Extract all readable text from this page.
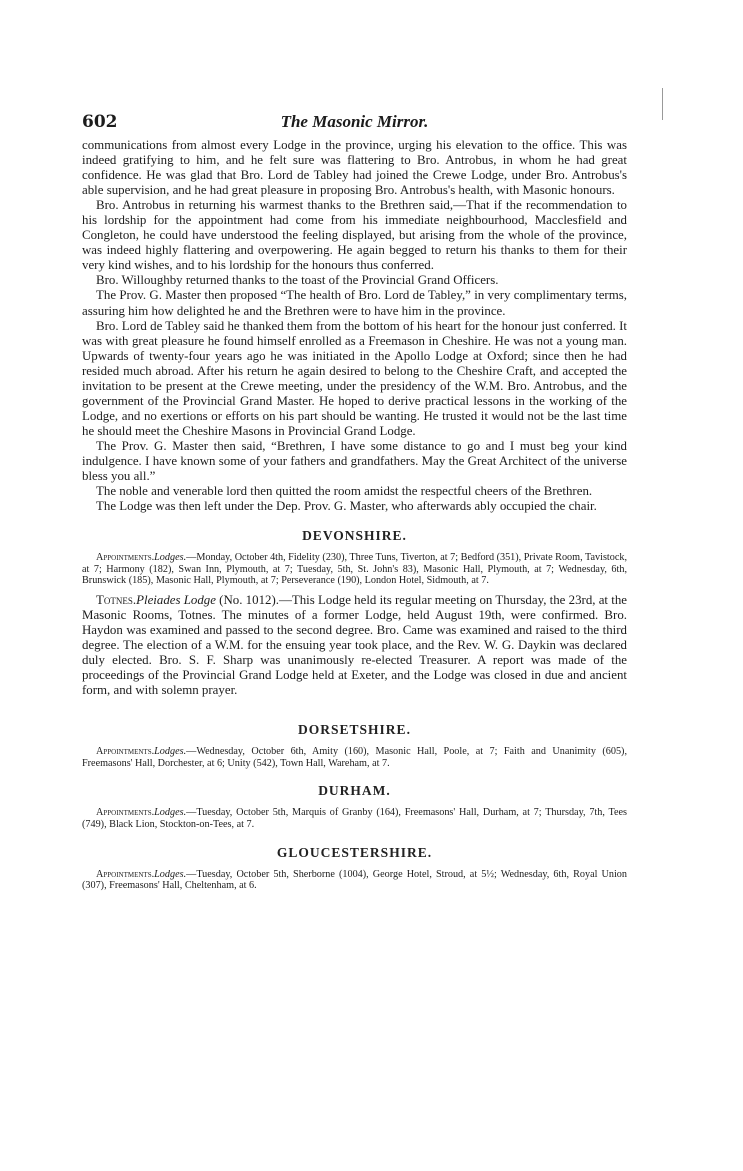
602	The Masonic Mirror.

communications from almost every Lodge in the province, urging his elevation to the office. This was indeed gratifying to him, and he felt sure was flattering to Bro. Antrobus, in whom he had great confidence. He was glad that Bro. Lord de Tabley had joined the Crewe Lodge, under Bro. Antrobus's able supervision, and he had great pleasure in proposing Bro. Antrobus's health, with Masonic honours.

Bro. Antrobus in returning his warmest thanks to the Brethren said,—That if the recommendation to his lordship for the appointment had come from his immediate neighbourhood, Macclesfield and Congleton, he could have understood the feeling displayed, but arising from the whole of the province, was indeed highly flattering and overpowering. He again begged to return his thanks to them for their very kind wishes, and to his lordship for the honours thus conferred.

Bro. Willoughby returned thanks to the toast of the Provincial Grand Officers.

The Prov. G. Master then proposed “The health of Bro. Lord de Tabley,” in very complimentary terms, assuring him how delighted he and the Brethren were to have him in the province.

Bro. Lord de Tabley said he thanked them from the bottom of his heart for the honour just conferred. It was with great pleasure he found himself enrolled as a Freemason in Cheshire. He was not a young man. Upwards of twenty-four years ago he was initiated in the Apollo Lodge at Oxford; since then he had resided much abroad. After his return he again desired to belong to the Cheshire Craft, and accepted the invitation to be present at the Crewe meeting, under the presidency of the W.M. Bro. Antrobus, and the government of the Provincial Grand Master. He hoped to derive practical lessons in the working of the Lodge, and no exertions or efforts on his part should be wanting. He trusted it would not be the last time he should meet the Cheshire Masons in Provincial Grand Lodge.

The Prov. G. Master then said, “Brethren, I have some distance to go and I must beg your kind indulgence. I have known some of your fathers and grandfathers. May the Great Architect of the universe bless you all.”

The noble and venerable lord then quitted the room amidst the respectful cheers of the Brethren.

The Lodge was then left under the Dep. Prov. G. Master, who afterwards ably occupied the chair.

DEVONSHIRE.

Appointments.Lodges.—Monday, October 4th, Fidelity (230), Three Tuns, Tiverton, at 7; Bedford (351), Private Room, Tavistock, at 7; Harmony (182), Swan Inn, Plymouth, at 7; Tuesday, 5th, St. John's 83), Masonic Hall, Plymouth, at 7; Wednesday, 6th, Brunswick (185), Masonic Hall, Plymouth, at 7; Perseverance (190), London Hotel, Sidmouth, at 7.

Totnes.Pleiades Lodge (No. 1012).—This Lodge held its regular meeting on Thursday, the 23rd, at the Masonic Rooms, Totnes. The minutes of a former Lodge, held August 19th, were confirmed. Bro. Haydon was examined and passed to the second degree. Bro. Came was examined and raised to the third degree. The election of a W.M. for the ensuing year took place, and the Rev. W. G. Daykin was declared duly elected. Bro. S. F. Sharp was unanimously re-elected Treasurer. A report was made of the proceedings of the Provincial Grand Lodge held at Exeter, and the Lodge was closed in due and ancient form, and with solemn prayer.

DORSETSHIRE.

Appointments.Lodges.—Wednesday, October 6th, Amity (160), Masonic Hall, Poole, at 7; Faith and Unanimity (605), Freemasons' Hall, Dorchester, at 6; Unity (542), Town Hall, Wareham, at 7.

DURHAM.

Appointments.Lodges.—Tuesday, October 5th, Marquis of Granby (164), Freemasons' Hall, Durham, at 7; Thursday, 7th, Tees (749), Black Lion, Stockton-on-Tees, at 7.

GLOUCESTERSHIRE.

Appointments.Lodges.—Tuesday, October 5th, Sherborne (1004), George Hotel, Stroud, at 5½; Wednesday, 6th, Royal Union (307), Freemasons' Hall, Cheltenham, at 6.
